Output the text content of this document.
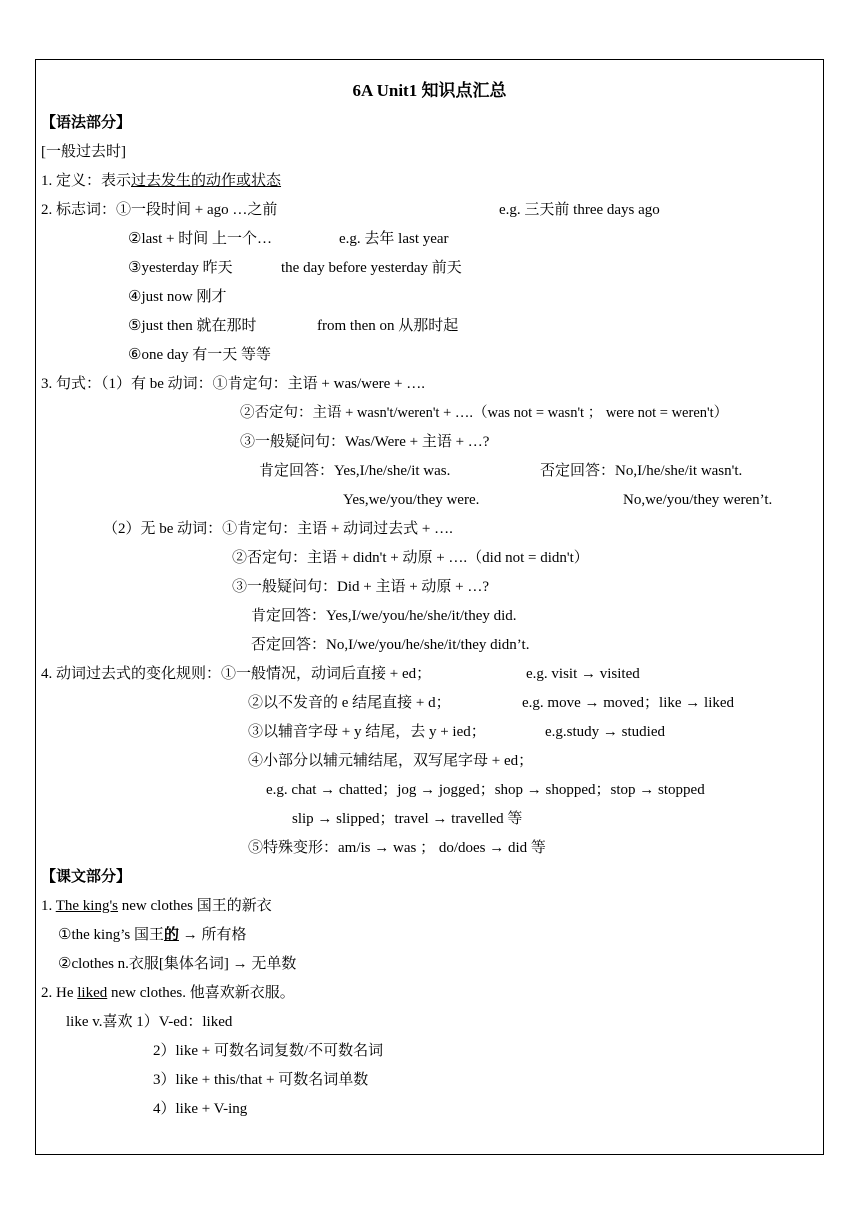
6A Unit1 知识点汇总
【语法部分】
[一般过去时]
1. 定义：表示过去发生的动作或状态
2. 标志词：①一段时间 + ago …之前	e.g. 三天前 three days ago
②last + 时间 上一个…	e.g. 去年 last year
③yesterday 昨天	the day before yesterday 前天
④just now 刚才
⑤just then 就在那时	from then on 从那时起
⑥one day 有一天 等等
3. 句式：（1）有 be 动词：①肯定句：主语 + was/were + ….
②否定句：主语 + wasn't/weren't + ….（was not = wasn't ； were not = weren't）
③一般疑问句：Was/Were + 主语 + …?
肯定回答：Yes,I/he/she/it was.	否定回答：No,I/he/she/it wasn't.
Yes,we/you/they were.	No,we/you/they weren’t.
（2）无 be 动词：①肯定句：主语 + 动词过去式 + ….
②否定句：主语 + didn't + 动原 + ….（did not = didn't）
③一般疑问句：Did + 主语 + 动原 + …?
肯定回答：Yes,I/we/you/he/she/it/they did.
否定回答：No,I/we/you/he/she/it/they didn’t.
4. 动词过去式的变化规则：①一般情况，动词后直接 + ed；	e.g. visit → visited
②以不发音的 e 结尾直接 + d；	e.g. move → moved；like → liked
③以辅音字母 + y 结尾，去 y + ied；	e.g.study → studied
④小部分以辅元辅结尾，双写尾字母 + ed；
e.g. chat → chatted；jog → jogged；shop → shopped；stop → stopped
slip → slipped；travel → travelled 等
⑤特殊变形：am/is → was ； do/does → did 等
【课文部分】
1. The king's new clothes 国王的新衣
①the king’s 国王的 → 所有格
②clothes n.衣服[集体名词] → 无单数
2. He liked new clothes. 他喜欢新衣服。
like v.喜欢 1）V-ed：liked
2）like + 可数名词复数/不可数名词
3）like + this/that + 可数名词单数
4）like + V-ing
